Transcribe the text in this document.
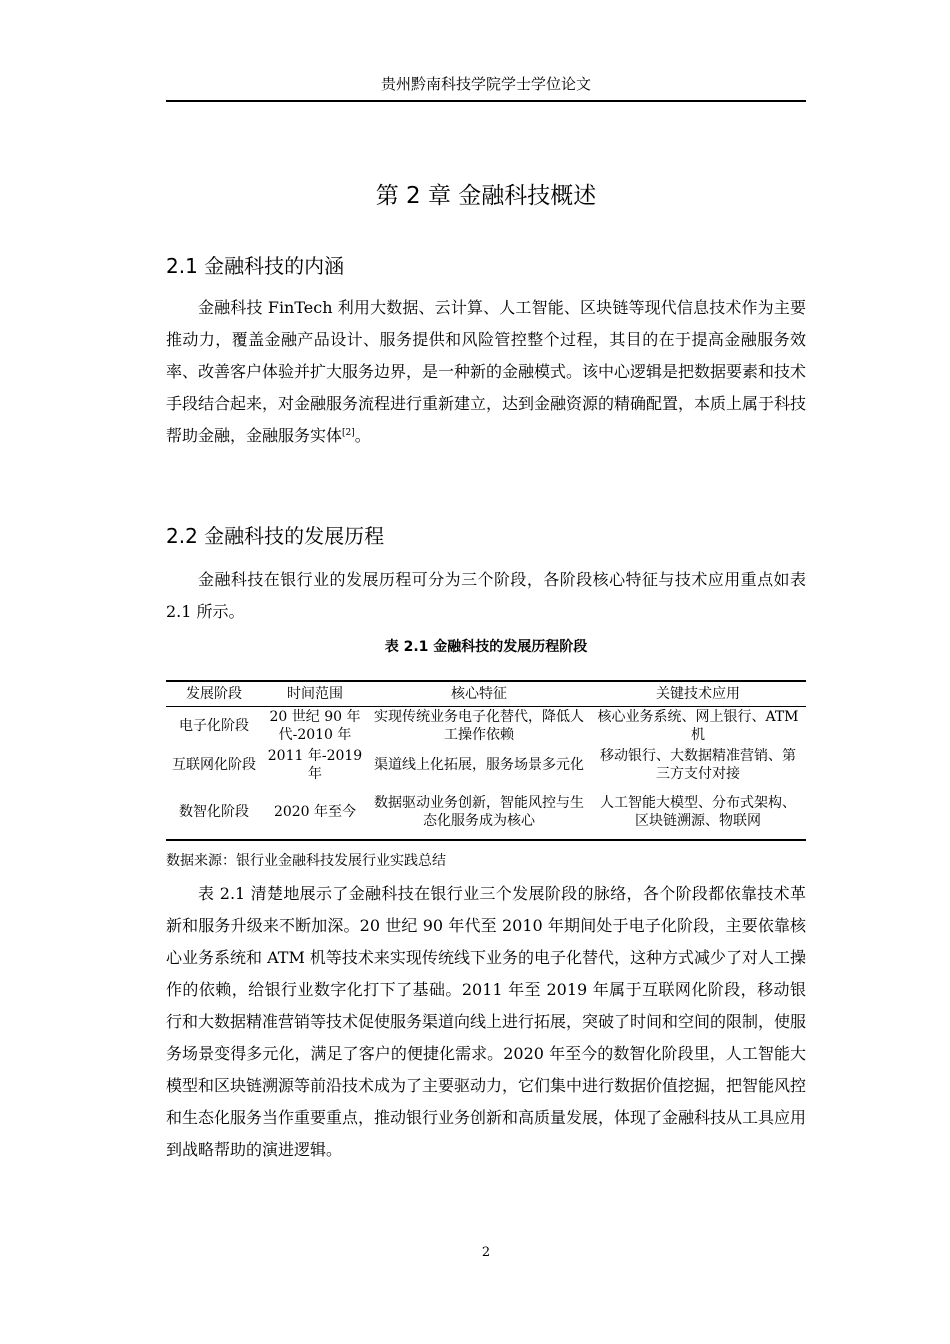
贵州黔南科技学院学士学位论文
第 2 章 金融科技概述
2.1 金融科技的内涵

金融科技 FinTech 利用大数据、云计算、人工智能、区块链等现代信息技术作为主要推动力，覆盖金融产品设计、服务提供和风险管控整个过程，其目的在于提高金融服务效率、改善客户体验并扩大服务边界，是一种新的金融模式。该中心逻辑是把数据要素和技术手段结合起来，对金融服务流程进行重新建立，达到金融资源的精确配置，本质上属于科技帮助金融，金融服务实体[2]。

2.2 金融科技的发展历程

金融科技在银行业的发展历程可分为三个阶段，各阶段核心特征与技术应用重点如表 2.1 所示。

表 2.1 金融科技的发展历程阶段
发展阶段	时间范围	核心特征	关键技术应用
电子化阶段	20 世纪 90 年代-2010 年	实现传统业务电子化替代，降低人工操作依赖	核心业务系统、网上银行、ATM 机
互联网化阶段	2011 年-2019 年	渠道线上化拓展，服务场景多元化	移动银行、大数据精准营销、第三方支付对接
数智化阶段	2020 年至今	数据驱动业务创新，智能风控与生态化服务成为核心	人工智能大模型、分布式架构、区块链溯源、物联网
数据来源：银行业金融科技发展行业实践总结

表 2.1 清楚地展示了金融科技在银行业三个发展阶段的脉络，各个阶段都依靠技术革新和服务升级来不断加深。20 世纪 90 年代至 2010 年期间处于电子化阶段，主要依靠核心业务系统和 ATM 机等技术来实现传统线下业务的电子化替代，这种方式减少了对人工操作的依赖，给银行业数字化打下了基础。2011 年至 2019 年属于互联网化阶段，移动银行和大数据精准营销等技术促使服务渠道向线上进行拓展，突破了时间和空间的限制，使服务场景变得多元化，满足了客户的便捷化需求。2020 年至今的数智化阶段里，人工智能大模型和区块链溯源等前沿技术成为了主要驱动力，它们集中进行数据价值挖掘，把智能风控和生态化服务当作重要重点，推动银行业务创新和高质量发展，体现了金融科技从工具应用到战略帮助的演进逻辑。

2
